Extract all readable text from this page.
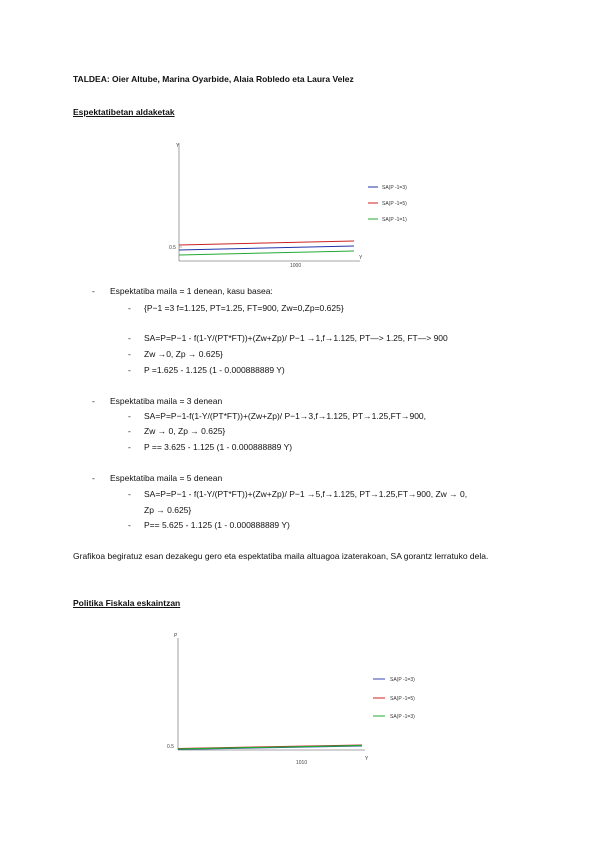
TALDEA: Oier Altube, Marina Oyarbide, Alaia Robledo eta Laura Velez
Espektatibetan aldaketak
Y
Y
0.5
1000
SA(P -1=3)
SA(P -1=5)
SA(P -1=1)
- Espektatiba maila = 1 denean, kasu basea:
- {P−1 =3 f=1.125, PT=1.25, FT=900, Zw=0,Zp=0.625}
- SA=P=P−1 - f(1-Y/(PT*FT))+(Zw+Zp)/ P−1 →1,f→1.125, PT—> 1.25, FT—> 900
- Zw →0, Zp → 0.625}
- P =1.625 - 1.125 (1 - 0.000888889 Y)
- Espektatiba maila = 3 denean
- SA=P=P−1-f(1-Y/(PT*FT))+(Zw+Zp)/ P−1→3,f→1.125, PT→1.25,FT→900,
- Zw → 0, Zp → 0.625}
- P == 3.625 - 1.125 (1 - 0.000888889 Y)
- Espektatiba maila = 5 denean
- SA=P=P−1 - f(1-Y/(PT*FT))+(Zw+Zp)/ P−1 →5,f→1.125, PT→1.25,FT→900, Zw → 0,
Zp → 0.625}
- P== 5.625 - 1.125 (1 - 0.000888889 Y)
Grafikoa begiratuz esan dezakegu gero eta espektatiba maila altuagoa izaterakoan, SA gorantz lerratuko dela.
Politika Fiskala eskaintzan
P
Y
0.5
1010
SA(P -1=3)
SA(P -1=5)
SA(P -1=3)
